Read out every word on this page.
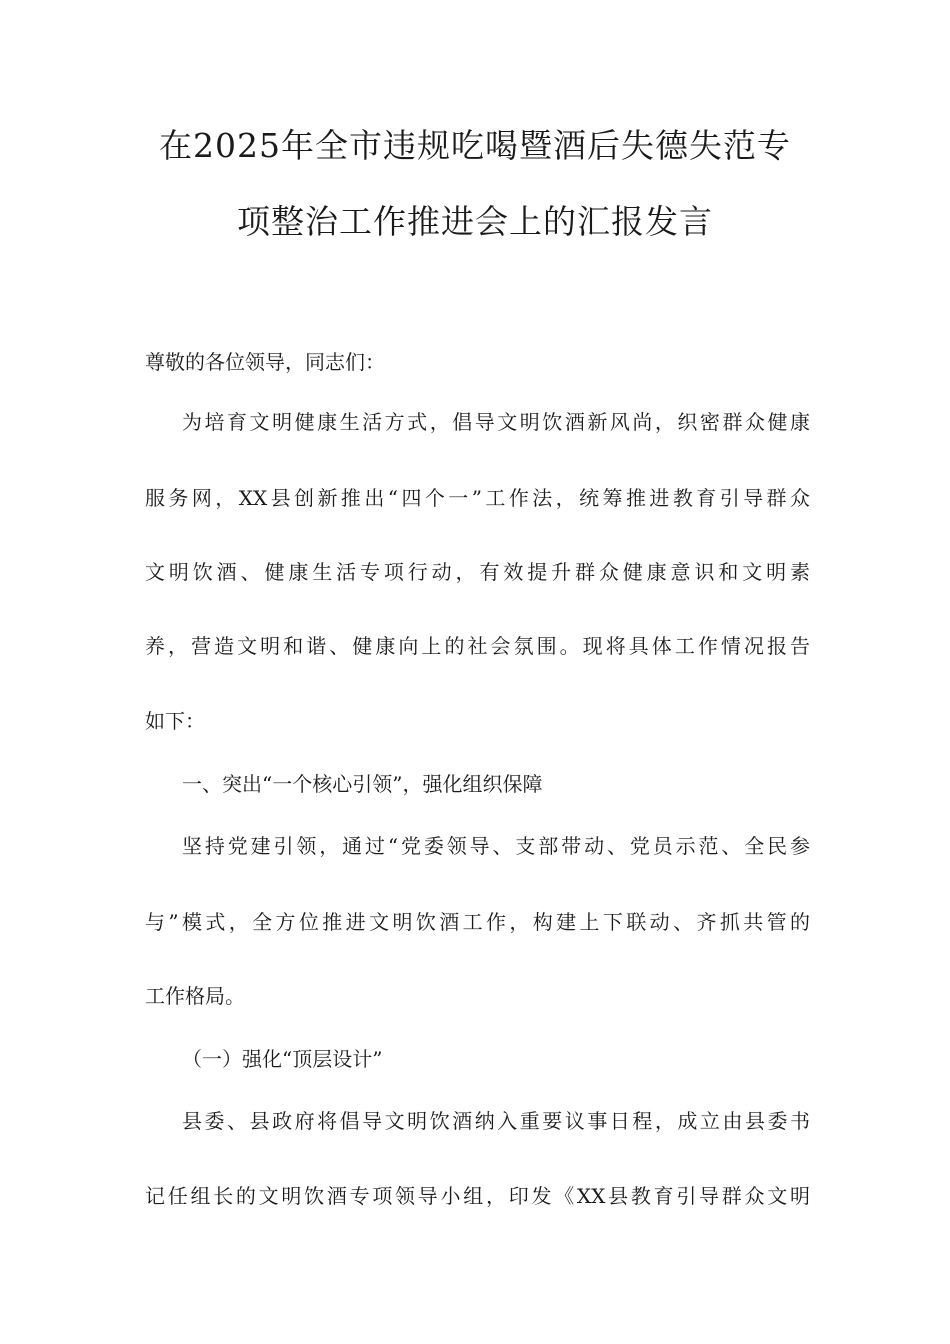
在2025年全市违规吃喝暨酒后失德失范专
项整治工作推进会上的汇报发言

尊敬的各位领导，同志们：

为培育文明健康生活方式，倡导文明饮酒新风尚，织密群众健康

服务网，XX县创新推出“四个一”工作法，统筹推进教育引导群众

文明饮酒、健康生活专项行动，有效提升群众健康意识和文明素

养，营造文明和谐、健康向上的社会氛围。现将具体工作情况报告

如下：

一、突出“一个核心引领”，强化组织保障

坚持党建引领，通过“党委领导、支部带动、党员示范、全民参

与”模式，全方位推进文明饮酒工作，构建上下联动、齐抓共管的

工作格局。

（一）强化“顶层设计”

县委、县政府将倡导文明饮酒纳入重要议事日程，成立由县委书

记任组长的文明饮酒专项领导小组，印发《XX县教育引导群众文明
